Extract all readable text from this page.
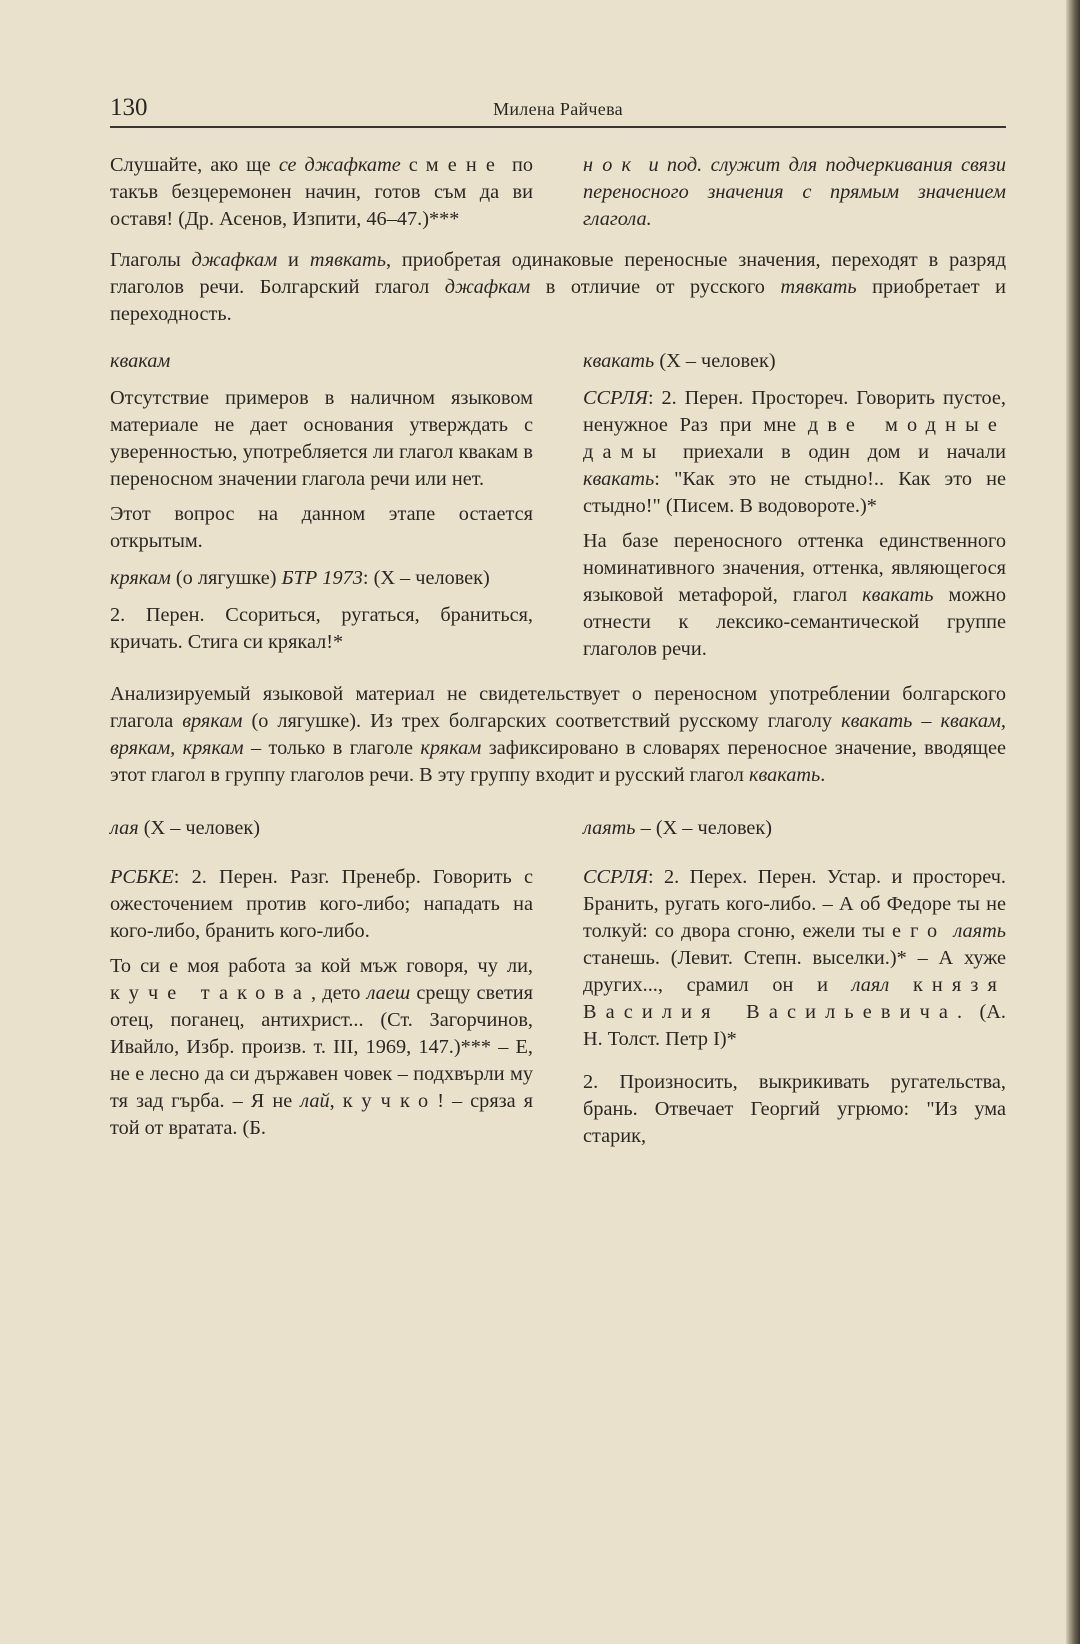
130	Милена Райчева

Слушайте, ако ще се джафкате с мене по такъв безцеремонен начин, готов съм да ви оставя! (Др. Асенов, Изпити, 46–47.)***

нок и под. служит для подчеркивания связи переносного значения с прямым значением глагола.

Глаголы джафкам и тявкать, приобретая одинаковые переносные значения, переходят в разряд глаголов речи. Болгарский глагол джафкам в отличие от русского тявкать приобретает и переходность.

квакам

Отсутствие примеров в наличном языковом материале не дает основания утверждать с уверенностью, употребляется ли глагол квакам в переносном значении глагола речи или нет.

Этот вопрос на данном этапе остается открытым.

крякам (о лягушке) БТР 1973: (Х – человек)

2. Перен. Ссориться, ругаться, браниться, кричать. Стига си крякал!*

квакать (Х – человек)

ССРЛЯ: 2. Перен. Простореч. Говорить пустое, ненужное Раз при мне две модные дамы приехали в один дом и начали квакать: "Как это не стыдно!.. Как это не стыдно!" (Писем. В водовороте.)*

На базе переносного оттенка единственного номинативного значения, оттенка, являющегося языковой метафорой, глагол квакать можно отнести к лексико-семантической группе глаголов речи.

Анализируемый языковой материал не свидетельствует о переносном употреблении болгарского глагола врякам (о лягушке). Из трех болгарских соответствий русскому глаголу квакать – квакам, врякам, крякам – только в глаголе крякам зафиксировано в словарях переносное значение, вводящее этот глагол в группу глаголов речи. В эту группу входит и русский глагол квакать.

лая (Х – человек)	лаять – (Х – человек)

РСБКЕ: 2. Перен. Разг. Пренебр. Говорить с ожесточением против кого-либо; нападать на кого-либо, бранить кого-либо.

То си е моя работа за кой мъж говоря, чу ли, куче такова, дето лаеш срещу светия отец, поганец, антихрист... (Ст. Загорчинов, Ивайло, Избр. произв. т. III, 1969, 147.)*** – Е, не е лесно да си държавен човек – подхвърли му тя зад гърба. – Я не лай, кучко! – сряза я той от вратата. (Б.

ССРЛЯ: 2. Перех. Перен. Устар. и простореч. Бранить, ругать кого-либо. – А об Федоре ты не толкуй: со двора сгоню, ежели ты его лаять станешь. (Левит. Степн. выселки.)* – А хуже других..., срамил он и лаял князя Василия Васильевича. (А. Н. Толст. Петр I)*

2. Произносить, выкрикивать ругательства, брань. Отвечает Георгий угрюмо: "Из ума старик,
